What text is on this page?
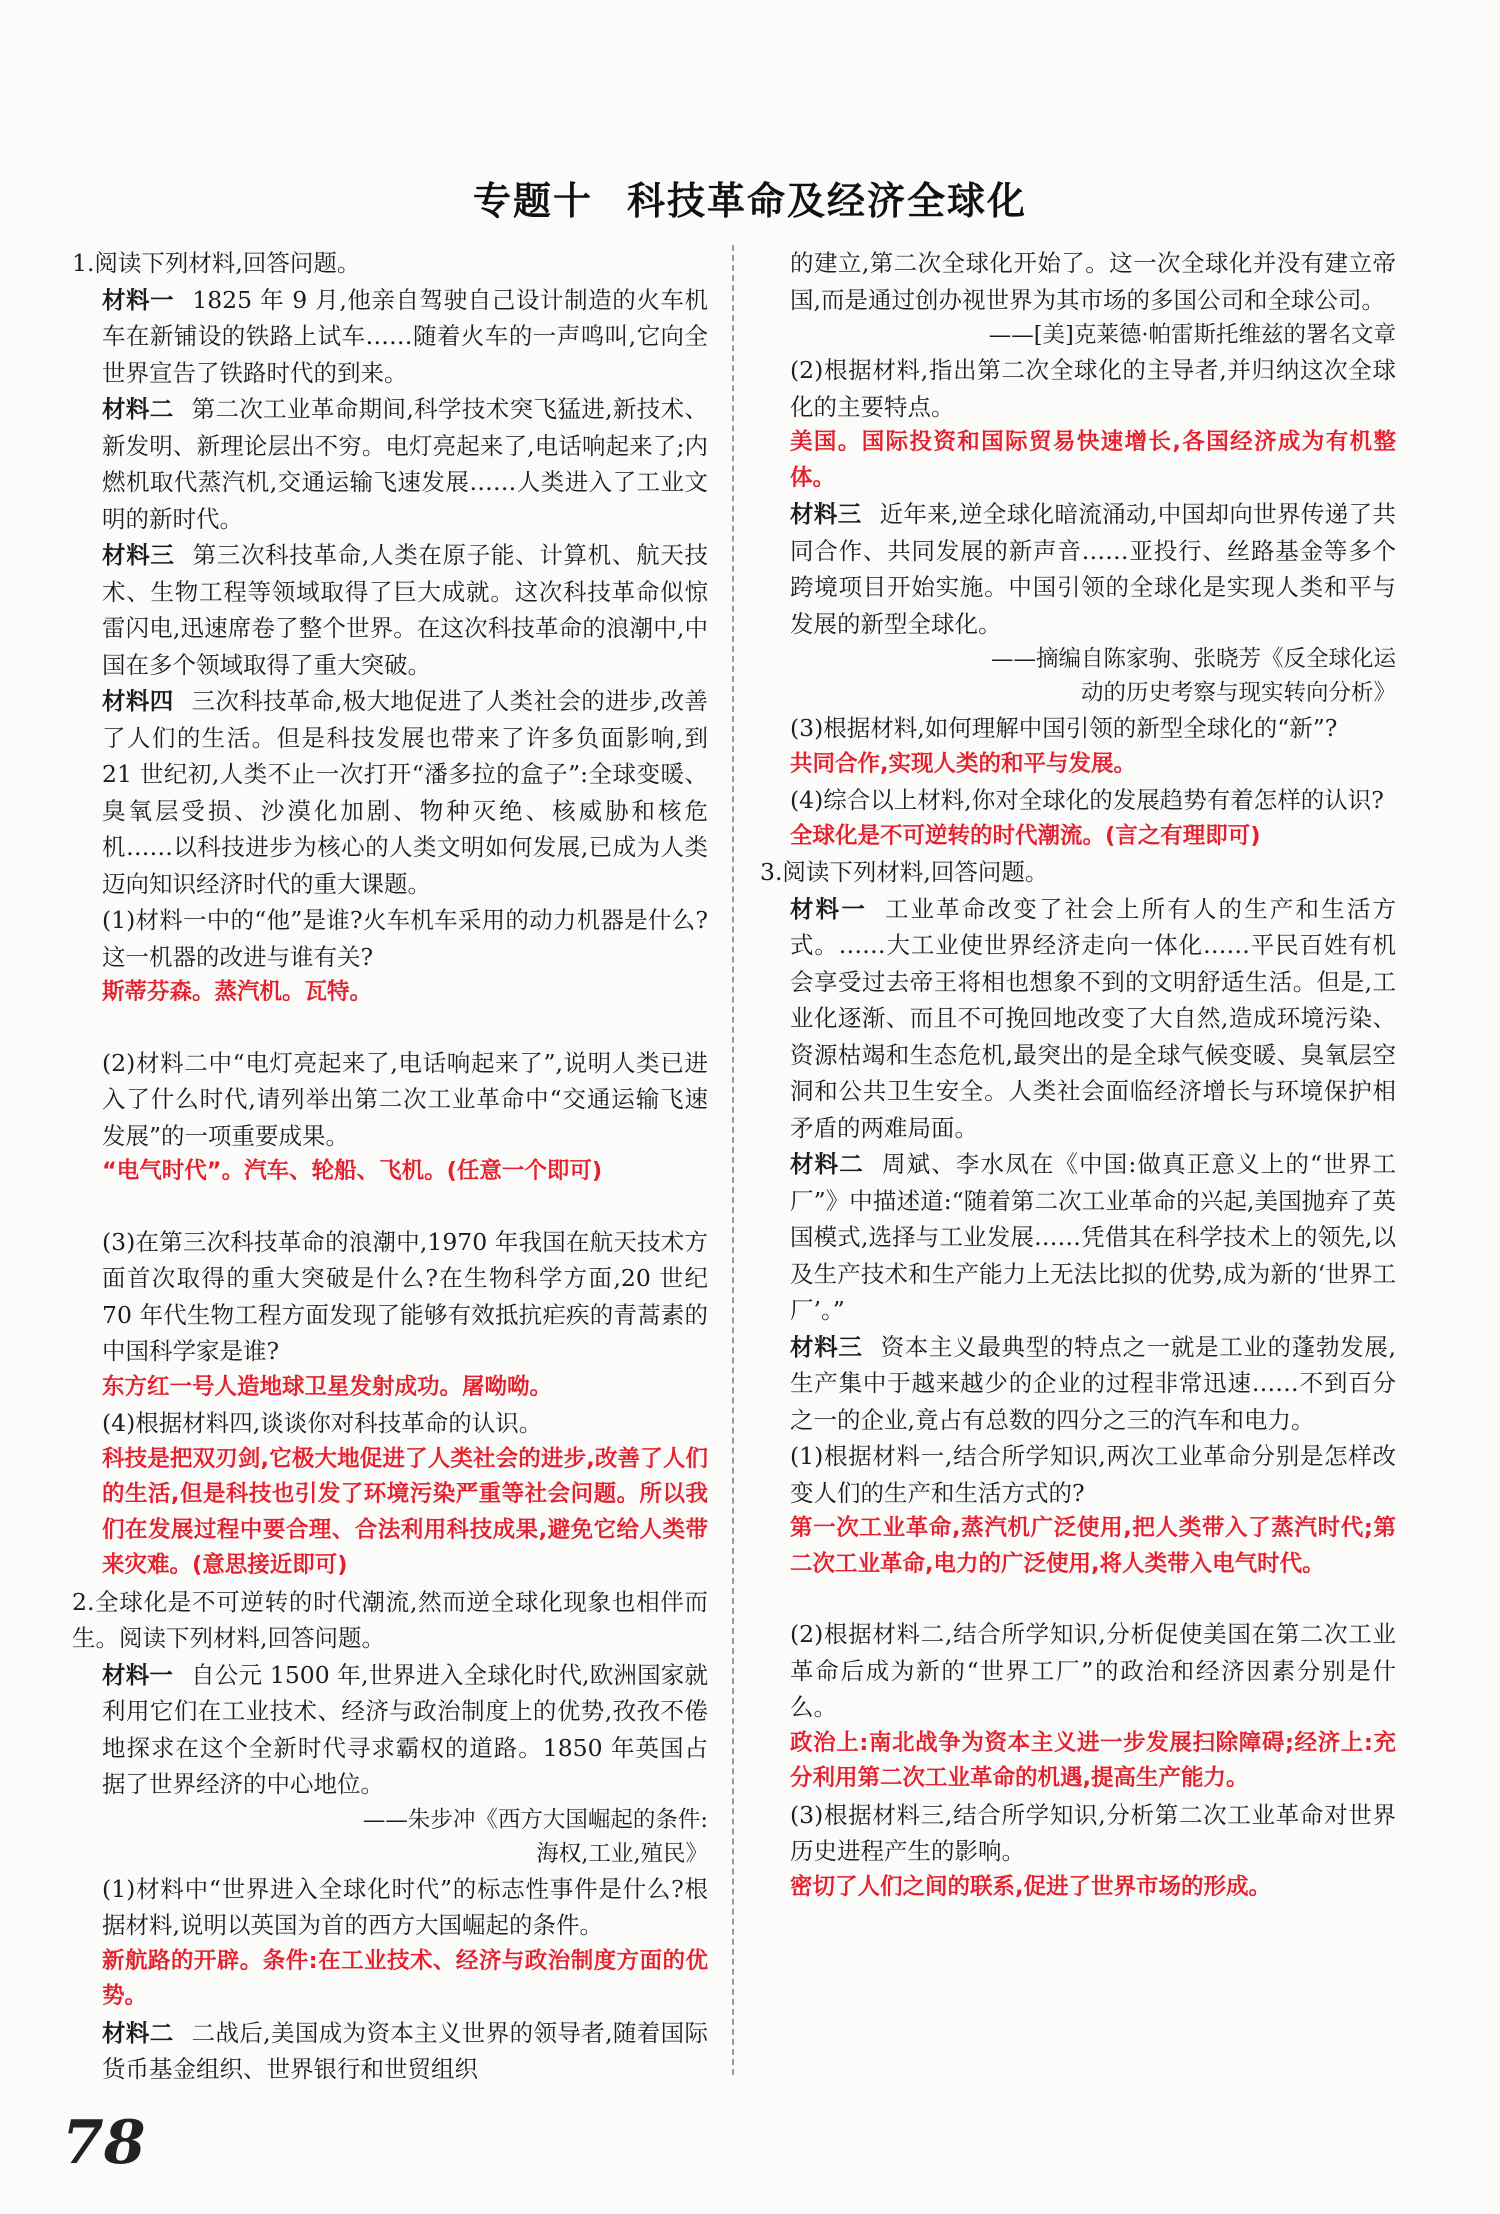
专题十 科技革命及经济全球化

1.阅读下列材料,回答问题。

材料一 1825 年 9 月,他亲自驾驶自己设计制造的火车机车在新铺设的铁路上试车……随着火车的一声鸣叫,它向全世界宣告了铁路时代的到来。

材料二 第二次工业革命期间,科学技术突飞猛进,新技术、新发明、新理论层出不穷。电灯亮起来了,电话响起来了;内燃机取代蒸汽机,交通运输飞速发展……人类进入了工业文明的新时代。

材料三 第三次科技革命,人类在原子能、计算机、航天技术、生物工程等领域取得了巨大成就。这次科技革命似惊雷闪电,迅速席卷了整个世界。在这次科技革命的浪潮中,中国在多个领域取得了重大突破。

材料四 三次科技革命,极大地促进了人类社会的进步,改善了人们的生活。但是科技发展也带来了许多负面影响,到 21 世纪初,人类不止一次打开“潘多拉的盒子”:全球变暖、臭氧层受损、沙漠化加剧、物种灭绝、核威胁和核危机……以科技进步为核心的人类文明如何发展,已成为人类迈向知识经济时代的重大课题。

(1)材料一中的“他”是谁?火车机车采用的动力机器是什么?这一机器的改进与谁有关?

斯蒂芬森。蒸汽机。瓦特。

(2)材料二中“电灯亮起来了,电话响起来了”,说明人类已进入了什么时代,请列举出第二次工业革命中“交通运输飞速发展”的一项重要成果。

“电气时代”。汽车、轮船、飞机。(任意一个即可)

(3)在第三次科技革命的浪潮中,1970 年我国在航天技术方面首次取得的重大突破是什么?在生物科学方面,20 世纪 70 年代生物工程方面发现了能够有效抵抗疟疾的青蒿素的中国科学家是谁?

东方红一号人造地球卫星发射成功。屠呦呦。

(4)根据材料四,谈谈你对科技革命的认识。

科技是把双刃剑,它极大地促进了人类社会的进步,改善了人们的生活,但是科技也引发了环境污染严重等社会问题。所以我们在发展过程中要合理、合法利用科技成果,避免它给人类带来灾难。(意思接近即可)

2.全球化是不可逆转的时代潮流,然而逆全球化现象也相伴而生。阅读下列材料,回答问题。

材料一 自公元 1500 年,世界进入全球化时代,欧洲国家就利用它们在工业技术、经济与政治制度上的优势,孜孜不倦地探求在这个全新时代寻求霸权的道路。1850 年英国占据了世界经济的中心地位。

——朱步冲《西方大国崛起的条件:
海权,工业,殖民》

(1)材料中“世界进入全球化时代”的标志性事件是什么?根据材料,说明以英国为首的西方大国崛起的条件。

新航路的开辟。条件:在工业技术、经济与政治制度方面的优势。

材料二 二战后,美国成为资本主义世界的领导者,随着国际货币基金组织、世界银行和世贸组织

的建立,第二次全球化开始了。这一次全球化并没有建立帝国,而是通过创办视世界为其市场的多国公司和全球公司。

——[美]克莱德·帕雷斯托维兹的署名文章

(2)根据材料,指出第二次全球化的主导者,并归纳这次全球化的主要特点。

美国。国际投资和国际贸易快速增长,各国经济成为有机整体。

材料三 近年来,逆全球化暗流涌动,中国却向世界传递了共同合作、共同发展的新声音……亚投行、丝路基金等多个跨境项目开始实施。中国引领的全球化是实现人类和平与发展的新型全球化。

——摘编自陈家驹、张晓芳《反全球化运
动的历史考察与现实转向分析》

(3)根据材料,如何理解中国引领的新型全球化的“新”?

共同合作,实现人类的和平与发展。

(4)综合以上材料,你对全球化的发展趋势有着怎样的认识?

全球化是不可逆转的时代潮流。(言之有理即可)

3.阅读下列材料,回答问题。

材料一 工业革命改变了社会上所有人的生产和生活方式。……大工业使世界经济走向一体化……平民百姓有机会享受过去帝王将相也想象不到的文明舒适生活。但是,工业化逐渐、而且不可挽回地改变了大自然,造成环境污染、资源枯竭和生态危机,最突出的是全球气候变暖、臭氧层空洞和公共卫生安全。人类社会面临经济增长与环境保护相矛盾的两难局面。

材料二 周斌、李水凤在《中国:做真正意义上的“世界工厂”》中描述道:“随着第二次工业革命的兴起,美国抛弃了英国模式,选择与工业发展……凭借其在科学技术上的领先,以及生产技术和生产能力上无法比拟的优势,成为新的‘世界工厂’。”

材料三 资本主义最典型的特点之一就是工业的蓬勃发展,生产集中于越来越少的企业的过程非常迅速……不到百分之一的企业,竟占有总数的四分之三的汽车和电力。

(1)根据材料一,结合所学知识,两次工业革命分别是怎样改变人们的生产和生活方式的?

第一次工业革命,蒸汽机广泛使用,把人类带入了蒸汽时代;第二次工业革命,电力的广泛使用,将人类带入电气时代。

(2)根据材料二,结合所学知识,分析促使美国在第二次工业革命后成为新的“世界工厂”的政治和经济因素分别是什么。

政治上:南北战争为资本主义进一步发展扫除障碍;经济上:充分利用第二次工业革命的机遇,提高生产能力。

(3)根据材料三,结合所学知识,分析第二次工业革命对世界历史进程产生的影响。

密切了人们之间的联系,促进了世界市场的形成。

78
